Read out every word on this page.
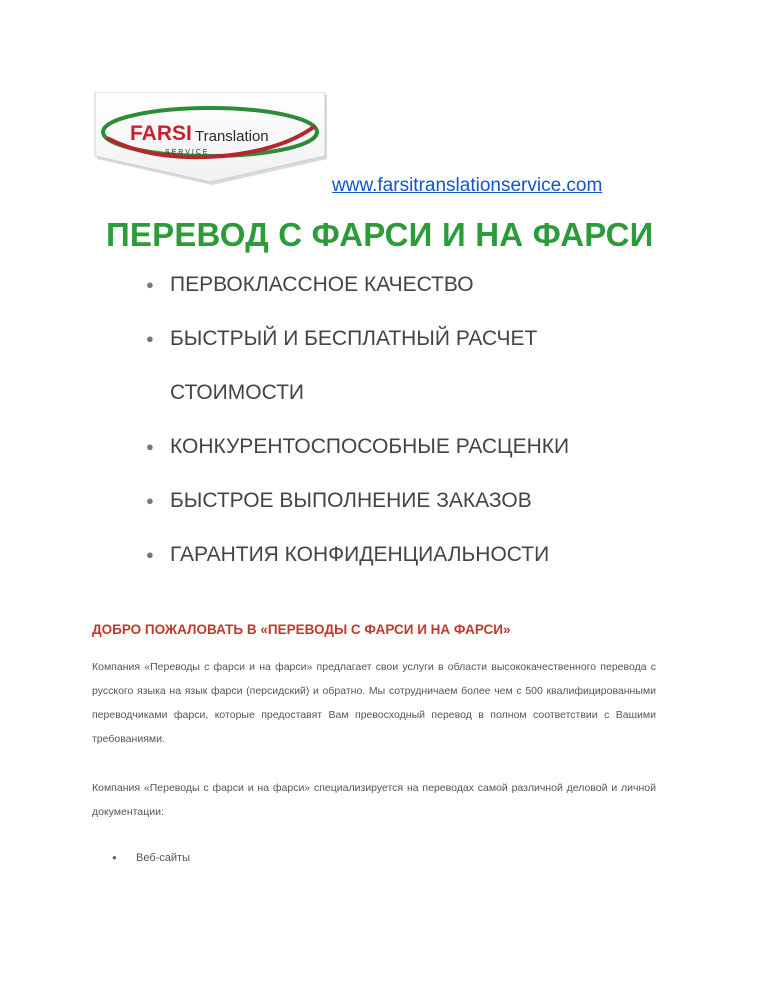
FARSI Translation
S E R V I C E
www.farsitranslationservice.com
ПЕРЕВОД С ФАРСИ И НА ФАРСИ
● ПЕРВОКЛАССНОЕ КАЧЕСТВО
● БЫСТРЫЙ И БЕСПЛАТНЫЙ РАСЧЕТ
СТОИМОСТИ
● КОНКУРЕНТОСПОСОБНЫЕ РАСЦЕНКИ
● БЫСТРОЕ ВЫПОЛНЕНИЕ ЗАКАЗОВ
● ГАРАНТИЯ КОНФИДЕНЦИАЛЬНОСТИ
ДОБРО ПОЖАЛОВАТЬ В «ПЕРЕВОДЫ С ФАРСИ И НА ФАРСИ»

Компания «Переводы с фарси и на фарси» предлагает свои услуги в области высококачественного перевода с русского языка на язык фарси (персидский) и обратно. Мы сотрудничаем более чем с 500 квалифицированными переводчиками фарси, которые предоставят Вам превосходный перевод в полном соответствии с Вашими требованиями.

Компания «Переводы с фарси и на фарси» специализируется на переводах самой различной деловой и личной документации:

● Веб-сайты
